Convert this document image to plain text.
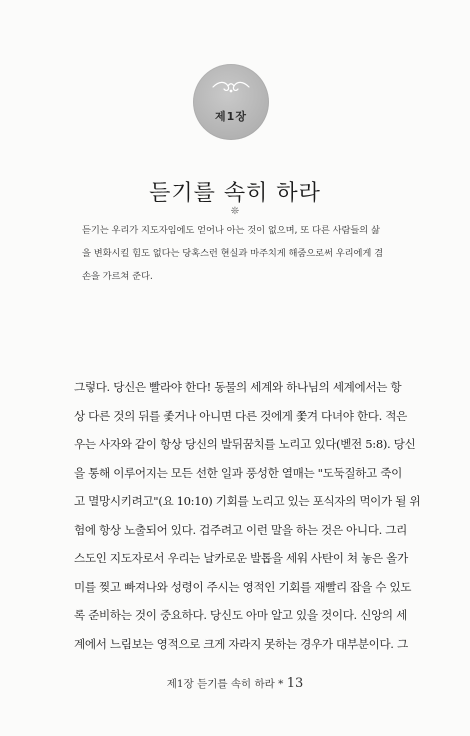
제1장
듣기를 속히 하라
❊
듣기는 우리가 지도자임에도 얻어나 아는 것이 없으며, 또 다른 사람들의 삶
을 변화시킬 힘도 없다는 당혹스런 현실과 마주치게 해줌으로써 우리에게 겸
손을 가르쳐 준다.
그렇다. 당신은 빨라야 한다! 동물의 세계와 하나님의 세계에서는 항
상 다른 것의 뒤를 좇거나 아니면 다른 것에게 쫓겨 다녀야 한다. 적은
우는 사자와 같이 항상 당신의 발뒤꿈치를 노리고 있다(벧전 5:8). 당신
을 통해 이루어지는 모든 선한 일과 풍성한 열매는 "도둑질하고 죽이
고 멸망시키려고"(요 10:10) 기회를 노리고 있는 포식자의 먹이가 될 위
험에 항상 노출되어 있다. 겁주려고 이런 말을 하는 것은 아니다. 그리
스도인 지도자로서 우리는 날카로운 발톱을 세워 사탄이 쳐 놓은 올가
미를 찢고 빠져나와 성령이 주시는 영적인 기회를 재빨리 잡을 수 있도
록 준비하는 것이 중요하다. 당신도 아마 알고 있을 것이다. 신앙의 세
계에서 느림보는 영적으로 크게 자라지 못하는 경우가 대부분이다. 그
제1장 듣기를 속히 하라 * 13
